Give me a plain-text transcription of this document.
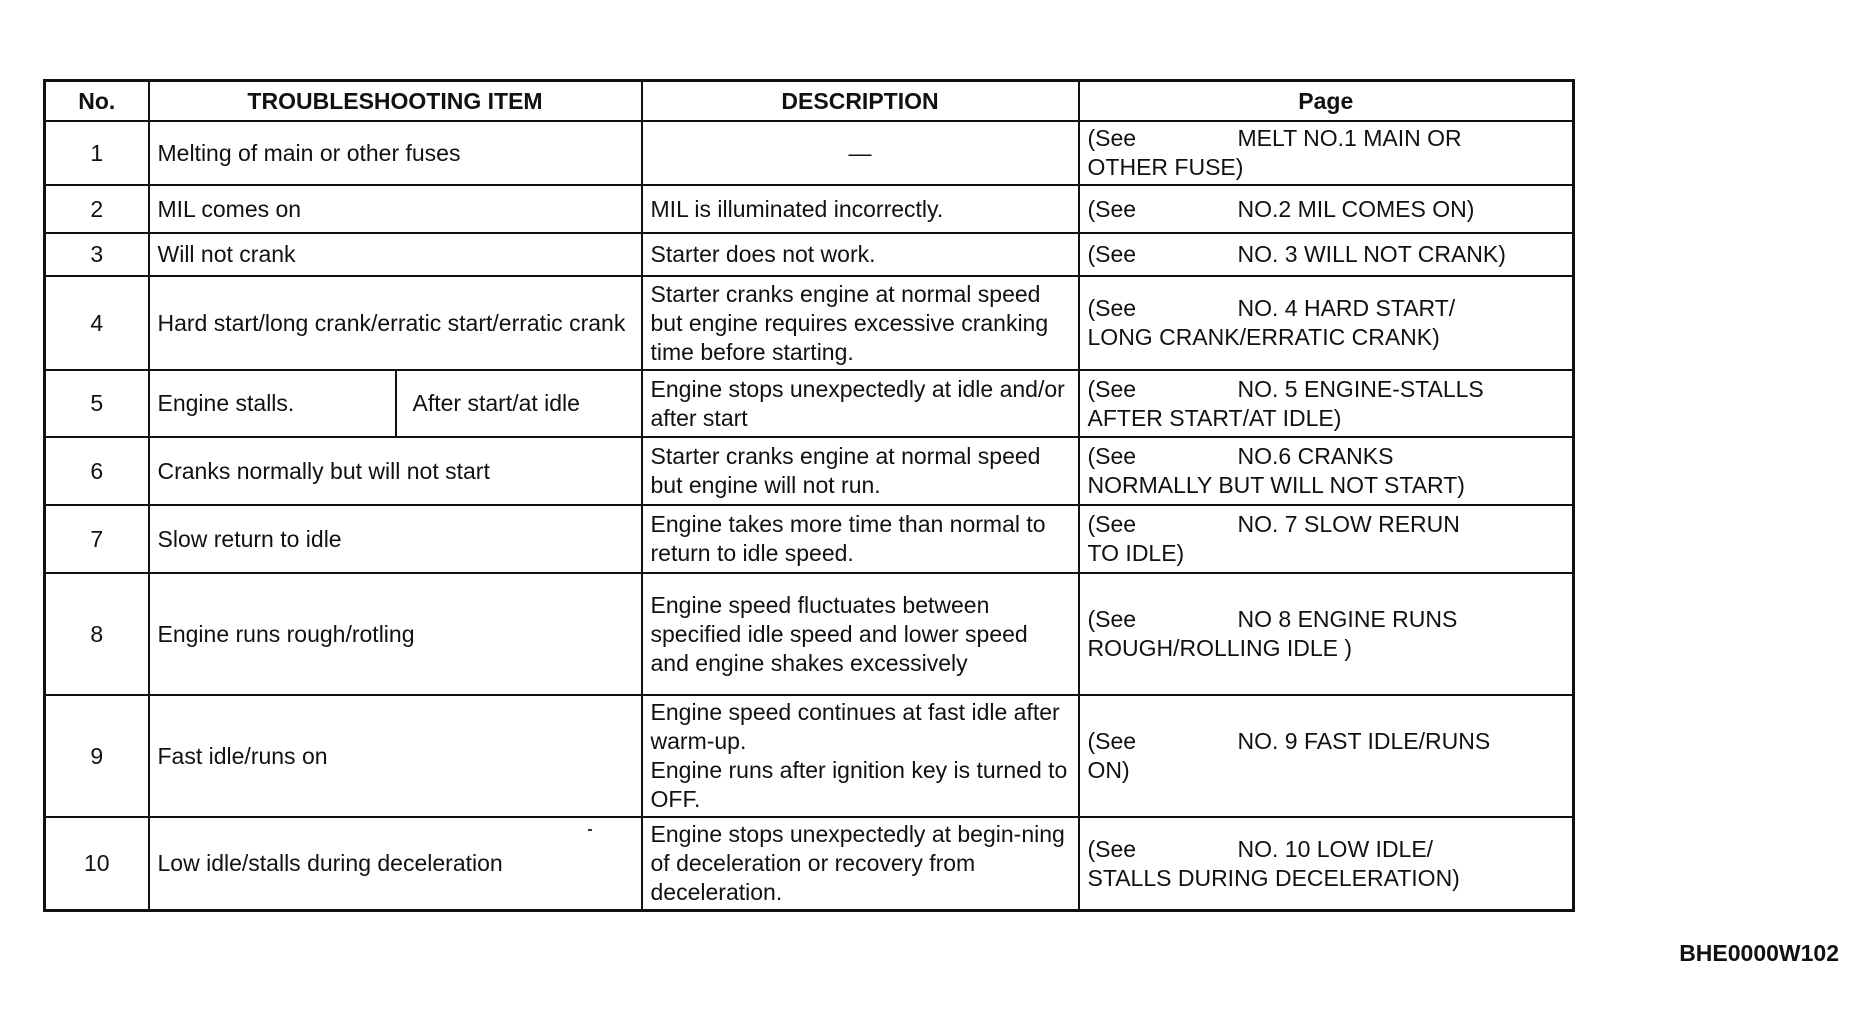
No.	TROUBLESHOOTING ITEM		DESCRIPTION	Page
1	Melting of main or other fuses		—	(See MELT NO.1 MAIN OR
OTHER FUSE)

2	MIL comes on		MIL is illuminated incorrectly.	(See NO.2 MIL COMES ON)

3	Will not crank		Starter does not work.	(See NO. 3 WILL NOT CRANK)

4	Hard start/long crank/erratic start/erratic crank		Starter cranks engine at normal speed but engine requires excessive cranking time before starting.	(See NO. 4 HARD START/
LONG CRANK/ERRATIC CRANK)

5	Engine stalls.	After start/at idle	Engine stops unexpectedly at idle and/or after start	(See NO. 5 ENGINE-STALLS
AFTER START/AT IDLE)

6	Cranks normally but will not start		Starter cranks engine at normal speed but engine will not run.	(See NO.6 CRANKS
NORMALLY BUT WILL NOT START)

7	Slow return to idle		Engine takes more time than normal to return to idle speed.	(See NO. 7 SLOW RERUN
TO IDLE)

8	Engine runs rough/rotling		Engine speed fluctuates between specified idle speed and lower speed and engine shakes excessively	(See NO 8 ENGINE RUNS
ROUGH/ROLLING IDLE )

9	Fast idle/runs on		Engine speed continues at fast idle after warm-up.
Engine runs after ignition key is turned to OFF.	(See NO. 9 FAST IDLE/RUNS
ON)

10	Low idle/stalls during deceleration		Engine stops unexpectedly at begin-ning of deceleration or recovery from deceleration.	(See NO. 10 LOW IDLE/
STALLS DURING DECELERATION)
BHE0000W102
